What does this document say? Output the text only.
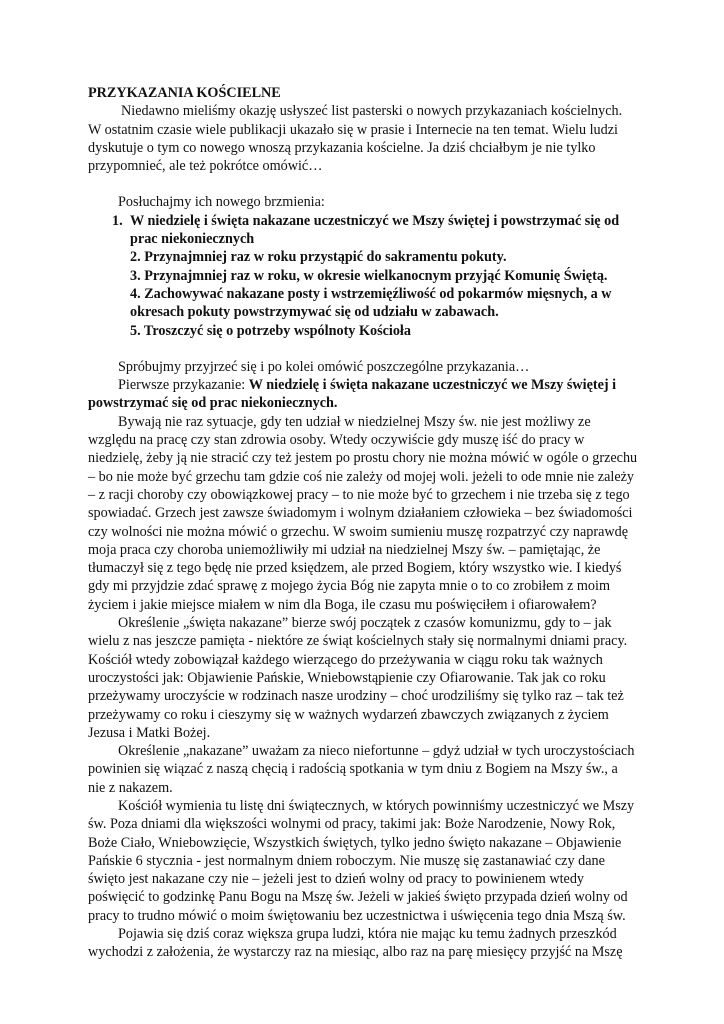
PRZYKAZANIA KOŚCIELNE

Niedawno mieliśmy okazję usłyszeć list pasterski o nowych przykazaniach kościelnych. W ostatnim czasie wiele publikacji ukazało się w prasie i Internecie na ten temat. Wielu ludzi dyskutuje o tym co nowego wnoszą przykazania kościelne. Ja dziś chciałbym je nie tylko przypomnieć, ale też pokrótce omówić…

Posłuchajmy ich nowego brzmienia:

1. W niedzielę i święta nakazane uczestniczyć we Mszy świętej i powstrzymać się od prac niekoniecznych
2. Przynajmniej raz w roku przystąpić do sakramentu pokuty.
3. Przynajmniej raz w roku, w okresie wielkanocnym przyjąć Komunię Świętą.
4. Zachowywać nakazane posty i wstrzemięźliwość od pokarmów mięsnych, a w okresach pokuty powstrzymywać się od udziału w zabawach.
5. Troszczyć się o potrzeby wspólnoty Kościoła

Spróbujmy przyjrzeć się i po kolei omówić poszczególne przykazania…

Pierwsze przykazanie: W niedzielę i święta nakazane uczestniczyć we Mszy świętej i powstrzymać się od prac niekoniecznych.

Bywają nie raz sytuacje, gdy ten udział w niedzielnej Mszy św. nie jest możliwy ze względu na pracę czy stan zdrowia osoby. Wtedy oczywiście gdy muszę iść do pracy w niedzielę, żeby ją nie stracić czy też jestem po prostu chory nie można mówić w ogóle o grzechu – bo nie może być grzechu tam gdzie coś nie zależy od mojej woli. jeżeli to ode mnie nie zależy – z racji choroby czy obowiązkowej pracy – to nie może być to grzechem i nie trzeba się z tego spowiadać. Grzech jest zawsze świadomym i wolnym działaniem człowieka – bez świadomości czy wolności nie można mówić o grzechu. W swoim sumieniu muszę rozpatrzyć czy naprawdę moja praca czy choroba uniemożliwiły mi udział na niedzielnej Mszy św. – pamiętając, że tłumaczył się z tego będę nie przed księdzem, ale przed Bogiem, który wszystko wie. I kiedyś gdy mi przyjdzie zdać sprawę z mojego życia Bóg nie zapyta mnie o to co zrobiłem z moim życiem i jakie miejsce miałem w nim dla Boga, ile czasu mu poświęciłem i ofiarowałem?

Określenie „święta nakazane” bierze swój początek z czasów komunizmu, gdy to – jak wielu z nas jeszcze pamięta - niektóre ze świąt kościelnych stały się normalnymi dniami pracy. Kościół wtedy zobowiązał każdego wierzącego do przeżywania w ciągu roku tak ważnych uroczystości jak: Objawienie Pańskie, Wniebowstąpienie czy Ofiarowanie. Tak jak co roku przeżywamy uroczyście w rodzinach nasze urodziny – choć urodziliśmy się tylko raz – tak też przeżywamy co roku i cieszymy się w ważnych wydarzeń zbawczych związanych z życiem Jezusa i Matki Bożej.

Określenie „nakazane” uważam za nieco niefortunne – gdyż udział w tych uroczystościach powinien się wiązać z naszą chęcią i radością spotkania w tym dniu z Bogiem na Mszy św., a nie z nakazem.

Kościół wymienia tu listę dni świątecznych, w których powinniśmy uczestniczyć we Mszy św. Poza dniami dla większości wolnymi od pracy, takimi jak: Boże Narodzenie, Nowy Rok, Boże Ciało, Wniebowzięcie, Wszystkich świętych, tylko jedno święto nakazane – Objawienie Pańskie 6 stycznia - jest normalnym dniem roboczym. Nie muszę się zastanawiać czy dane święto jest nakazane czy nie – jeżeli jest to dzień wolny od pracy to powinienem wtedy poświęcić to godzinkę Panu Bogu na Mszę św. Jeżeli w jakieś święto przypada dzień wolny od pracy to trudno mówić o moim świętowaniu bez uczestnictwa i uświęcenia tego dnia Mszą św.

Pojawia się dziś coraz większa grupa ludzi, która nie mając ku temu żadnych przeszkód wychodzi z założenia, że wystarczy raz na miesiąc, albo raz na parę miesięcy przyjść na Mszę
